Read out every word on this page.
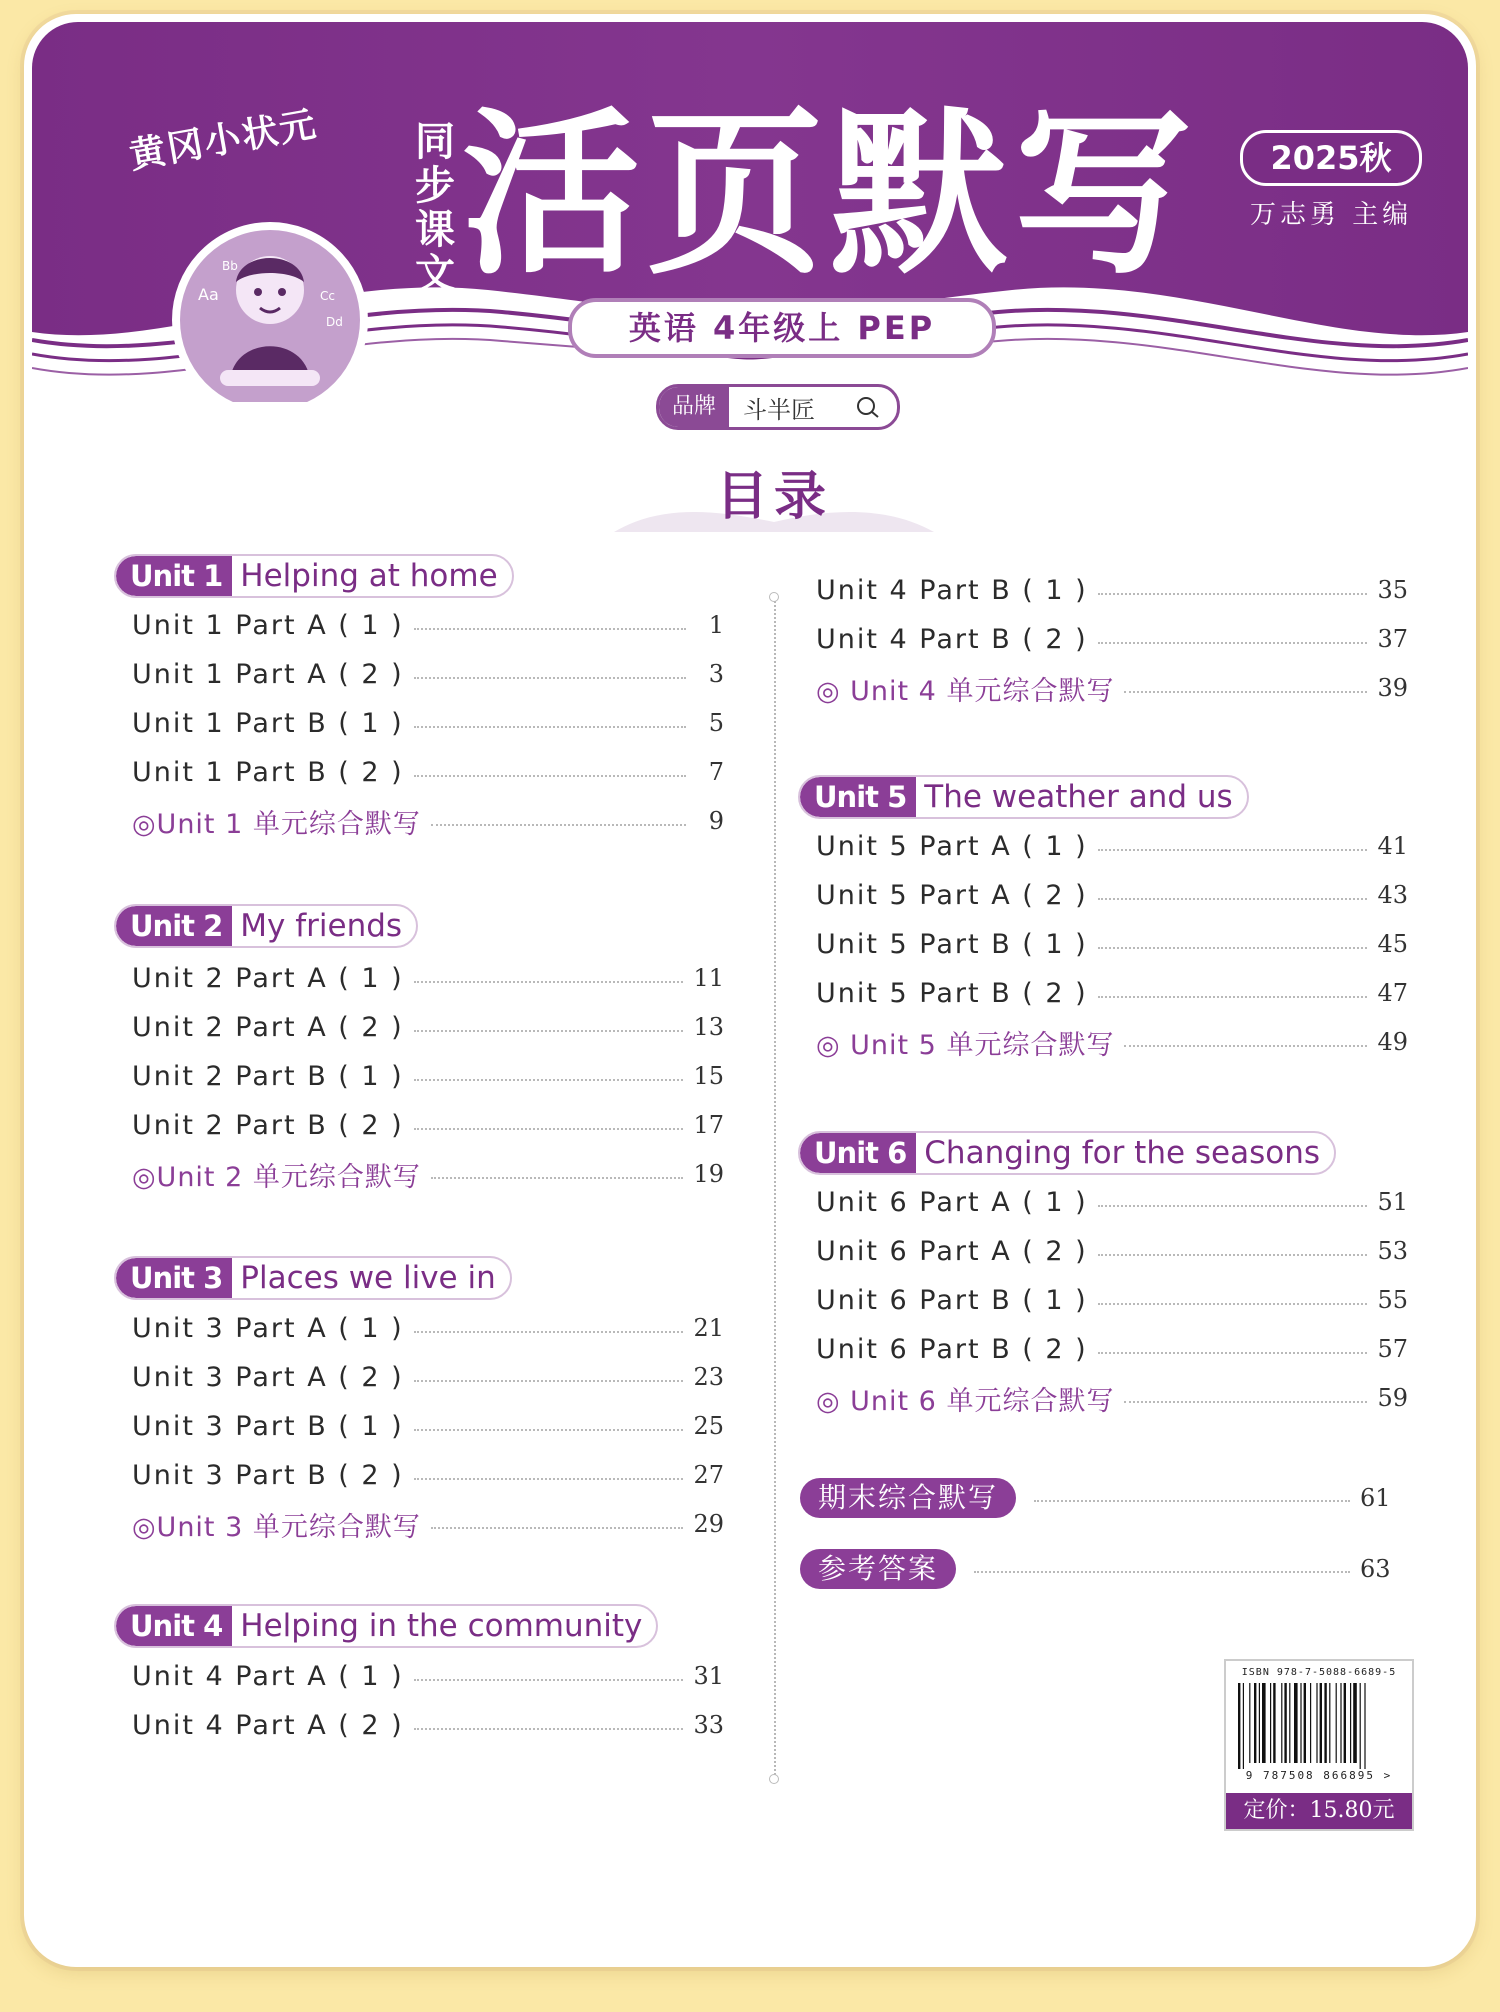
黄冈小状元
Aa
Bb
Cc
Dd
同步课文 活页默写	2025秋
万志勇 主编
英语 4年级上 PEP
品牌	斗半匠
目录
Unit 1 Helping at home
Unit 1 Part A ( 1 )	1
Unit 1 Part A ( 2 )	3
Unit 1 Part B ( 1 )	5
Unit 1 Part B ( 2 )	7
◎Unit 1 单元综合默写	9
Unit 2 My friends
Unit 2 Part A ( 1 )	11
Unit 2 Part A ( 2 )	13
Unit 2 Part B ( 1 )	15
Unit 2 Part B ( 2 )	17
◎Unit 2 单元综合默写	19
Unit 3 Places we live in
Unit 3 Part A ( 1 )	21
Unit 3 Part A ( 2 )	23
Unit 3 Part B ( 1 )	25
Unit 3 Part B ( 2 )	27
◎Unit 3 单元综合默写	29
Unit 4 Helping in the community
Unit 4 Part A ( 1 )	31
Unit 4 Part A ( 2 )	33
Unit 4 Part B ( 1 )	35
Unit 4 Part B ( 2 )	37
◎ Unit 4 单元综合默写	39
Unit 5 The weather and us
Unit 5 Part A ( 1 )	41
Unit 5 Part A ( 2 )	43
Unit 5 Part B ( 1 )	45
Unit 5 Part B ( 2 )	47
◎ Unit 5 单元综合默写	49
Unit 6 Changing for the seasons
Unit 6 Part A ( 1 )	51
Unit 6 Part A ( 2 )	53
Unit 6 Part B ( 1 )	55
Unit 6 Part B ( 2 )	57
◎ Unit 6 单元综合默写	59
期末综合默写	61
参考答案	63
ISBN 978-7-5088-6689-5
9 787508 866895 >
定价：15.80元
